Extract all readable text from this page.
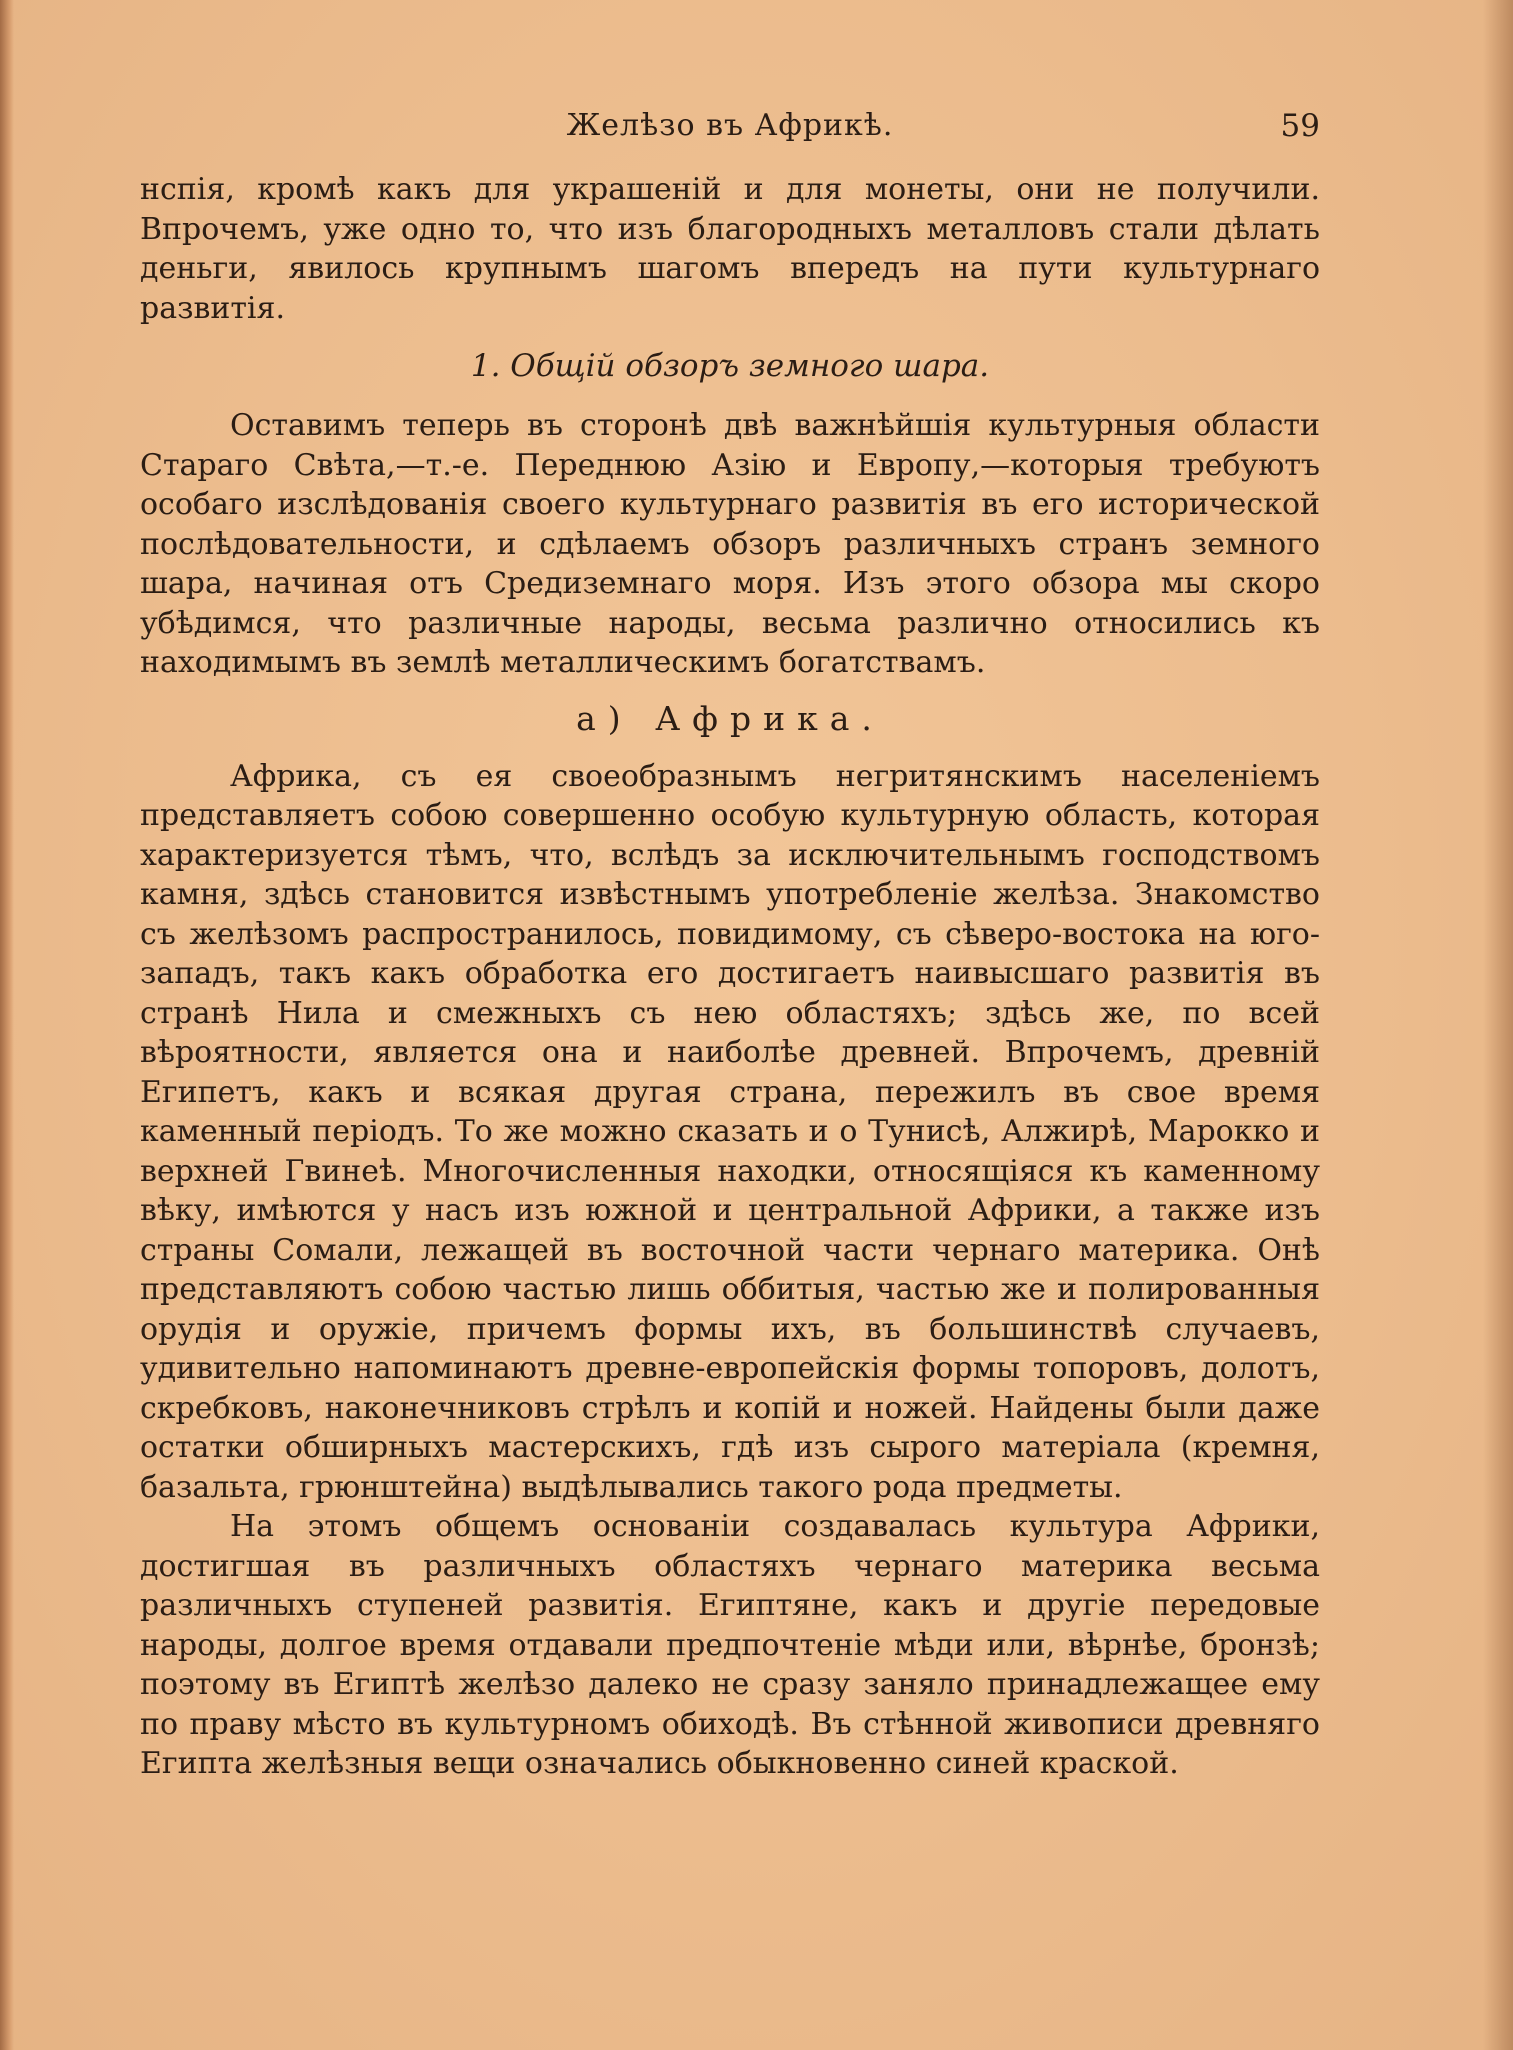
Желѣзо въ Африкѣ.	59

нспія, кромѣ какъ для украшеній и для монеты, они не получили. Впрочемъ, уже одно то, что изъ благородныхъ металловъ стали дѣлать деньги, явилось крупнымъ шагомъ впередъ на пути культурнаго развитія.

1. Общій обзоръ земного шара.

Оставимъ теперь въ сторонѣ двѣ важнѣйшія культурныя области Стараго Свѣта,—т.-е. Переднюю Азію и Европу,—которыя требуютъ особаго изслѣдованія своего культурнаго развитія въ его исторической послѣдовательности, и сдѣлаемъ обзоръ различныхъ странъ земного шара, начиная отъ Средиземнаго моря. Изъ этого обзора мы скоро убѣдимся, что различные народы, весьма различно относились къ находимымъ въ землѣ металлическимъ богатствамъ.

а) Африка.

Африка, съ ея своеобразнымъ негритянскимъ населеніемъ представляетъ собою совершенно особую культурную область, которая характеризуется тѣмъ, что, вслѣдъ за исключительнымъ господствомъ камня, здѣсь становится извѣстнымъ употребленіе желѣза. Знакомство съ желѣзомъ распространилось, повидимому, съ сѣверо-востока на юго-западъ, такъ какъ обработка его достигаетъ наивысшаго развитія въ странѣ Нила и смежныхъ съ нею областяхъ; здѣсь же, по всей вѣроятности, является она и наиболѣе древней. Впрочемъ, древній Египетъ, какъ и всякая другая страна, пережилъ въ свое время каменный періодъ. То же можно сказать и о Тунисѣ, Алжирѣ, Марокко и верхней Гвинеѣ. Многочисленныя находки, относящіяся къ каменному вѣку, имѣются у насъ изъ южной и центральной Африки, а также изъ страны Сомали, лежащей въ восточной части чернаго материка. Онѣ представляютъ собою частью лишь оббитыя, частью же и полированныя орудія и оружіе, причемъ формы ихъ, въ большинствѣ случаевъ, удивительно напоминаютъ древне-европейскія формы топоровъ, долотъ, скребковъ, наконечниковъ стрѣлъ и копій и ножей. Найдены были даже остатки обширныхъ мастерскихъ, гдѣ изъ сырого матеріала (кремня, базальта, грюнштейна) выдѣлывались такого рода предметы.

На этомъ общемъ основаніи создавалась культура Африки, достигшая въ различныхъ областяхъ чернаго материка весьма различныхъ ступеней развитія. Египтяне, какъ и другіе передовые народы, долгое время отдавали предпочтеніе мѣди или, вѣрнѣе, бронзѣ; поэтому въ Египтѣ желѣзо далеко не сразу заняло принадлежащее ему по праву мѣсто въ культурномъ обиходѣ. Въ стѣнной живописи древняго Египта желѣзныя вещи означались обыкновенно синей краской.
